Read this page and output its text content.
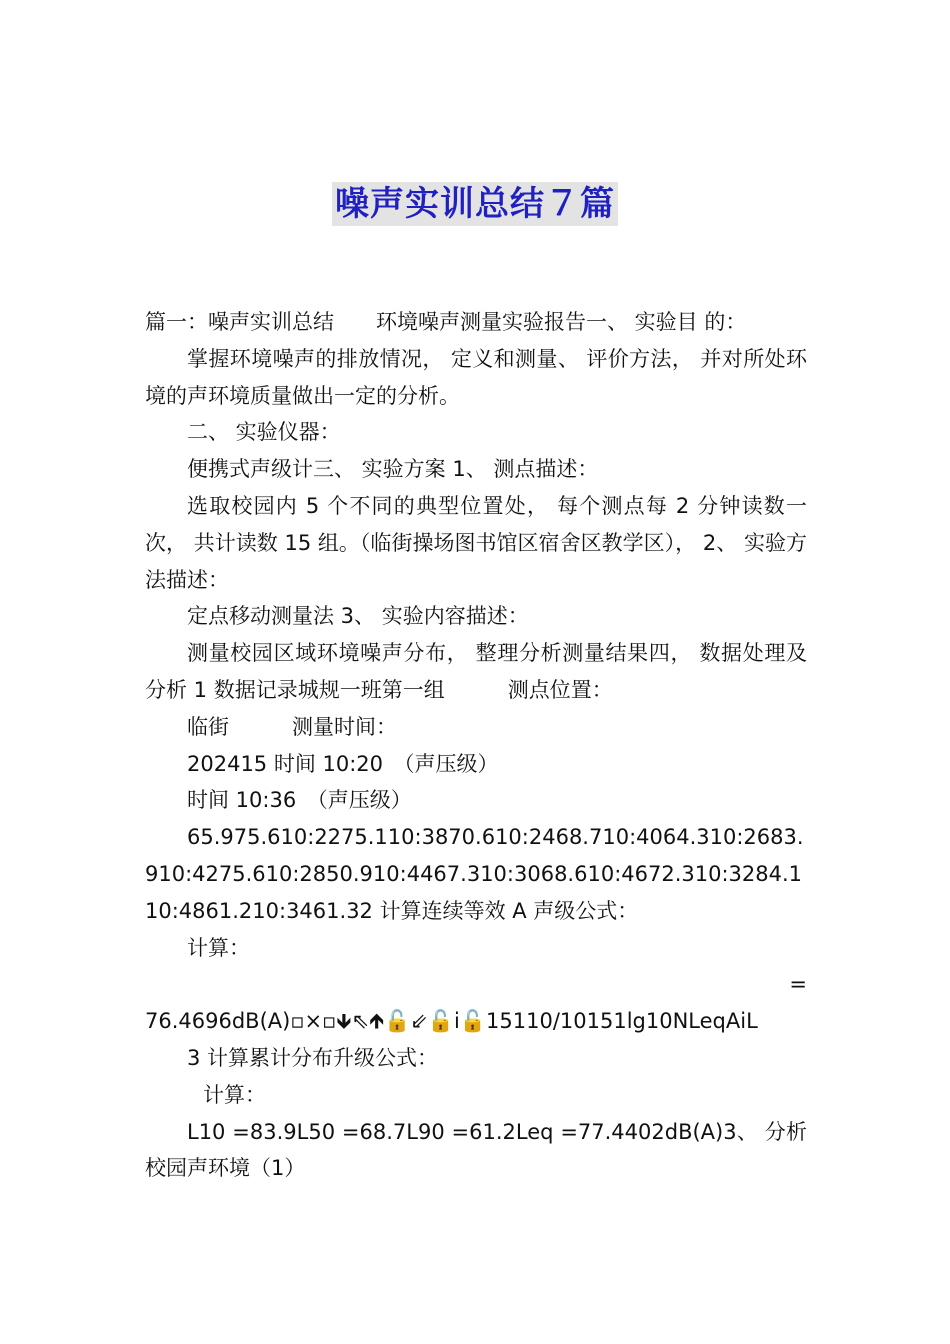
噪声实训总结７篇

篇一：噪声实训总结　　环境噪声测量实验报告一、 实验目 的：

掌握环境噪声的排放情况， 定义和测量、 评价方法， 并对所处环境的声环境质量做出一定的分析。

二、 实验仪器：

便携式声级计三、 实验方案 1、 测点描述：

选取校园内 5 个不同的典型位置处， 每个测点每 2 分钟读数一次， 共计读数 15 组。（临街操场图书馆区宿舍区教学区）， 2、 实验方法描述：

定点移动测量法 3、 实验内容描述：

测量校园区域环境噪声分布， 整理分析测量结果四， 数据处理及分析 1 数据记录城规一班第一组　　　测点位置：

临街　　　测量时间：

202415 时间 10:20　（声压级）

时间 10:36　（声压级）

65.975.610:2275.110:3870.610:2468.710:4064.310:2683.910:4275.610:2850.910:4467.310:3068.610:4672.310:3284.110:4861.210:3461.32 计算连续等效 A 声级公式：

计算：

=

76.4696dB(A)▫×▫🡻⇖🡹🔓⇙🔓i🔓15110/10151lg10NLeqAiL

3 计算累计分布升级公式：

计算：

L10 =83.9L50 =68.7L90 =61.2Leq =77.4402dB(A)3、 分析校园声环境（1）
